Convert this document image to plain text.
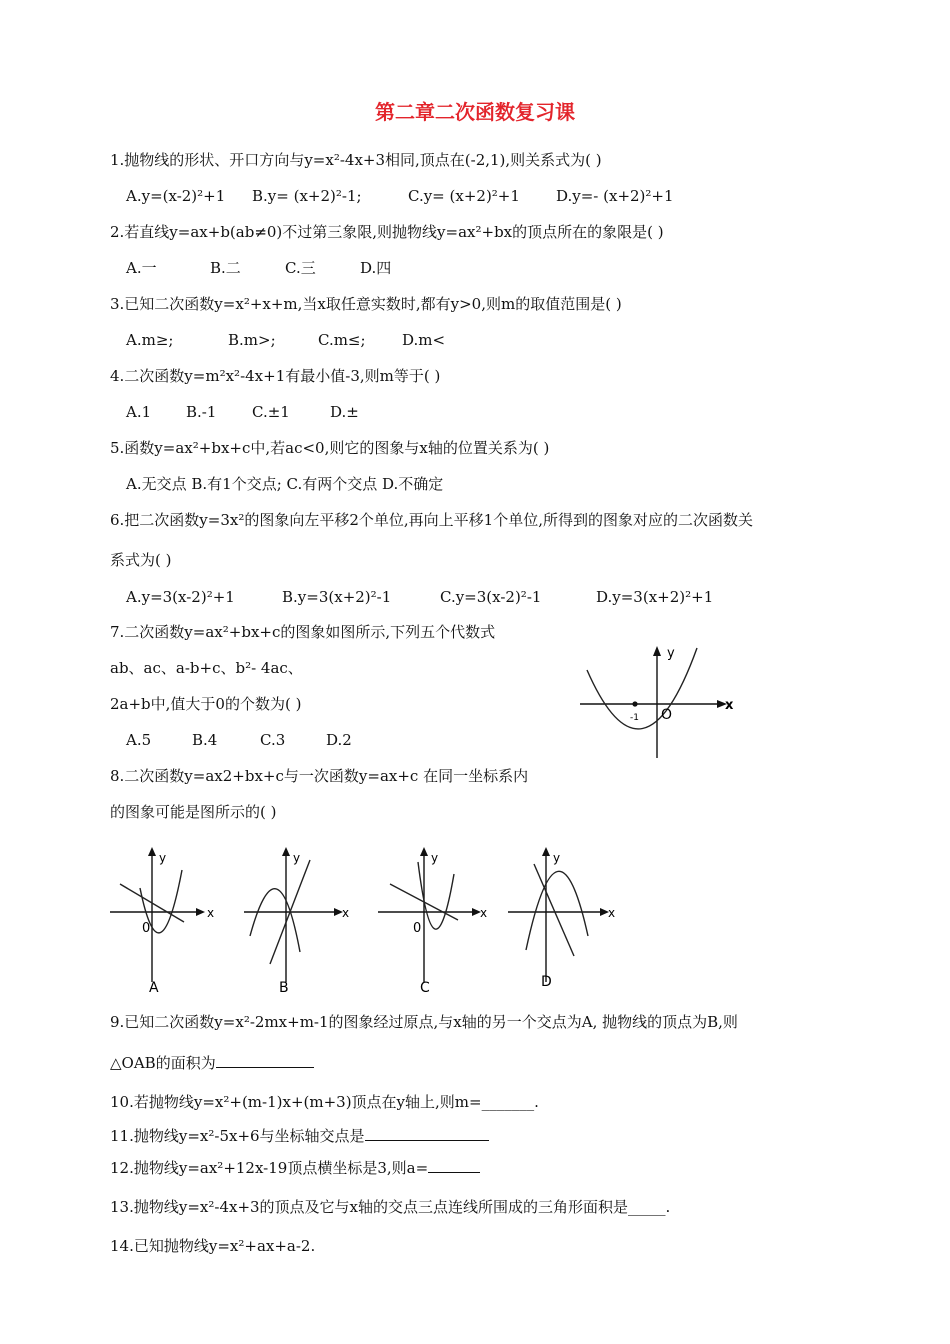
第二章二次函数复习课
1.抛物线的形状、开口方向与y=x²-4x+3相同,顶点在(-2,1),则关系式为( )
A.y=(x-2)²+1 B.y= (x+2)²-1;	C.y= (x+2)²+1 D.y=- (x+2)²+1
2.若直线y=ax+b(ab≠0)不过第三象限,则抛物线y=ax²+bx的顶点所在的象限是( )
A.一	B.二	C.三	D.四
3.已知二次函数y=x²+x+m,当x取任意实数时,都有y>0,则m的取值范围是( )
A.m≥;	B.m>;	C.m≤; D.m<
4.二次函数y=m²x²-4x+1有最小值-3,则m等于( )
A.1 B.-1 C.±1	D.±
5.函数y=ax²+bx+c中,若ac<0,则它的图象与x轴的位置关系为( )
A.无交点 B.有1个交点; C.有两个交点 D.不确定
6.把二次函数y=3x²的图象向左平移2个单位,再向上平移1个单位,所得到的图象对应的二次函数关
系式为( )
A.y=3(x-2)²+1	B.y=3(x+2)²-1	C.y=3(x-2)²-1	D.y=3(x+2)²+1
7.二次函数y=ax²+bx+c的图象如图所示,下列五个代数式
ab、ac、a-b+c、b²- 4ac、
2a+b中,值大于0的个数为( )
A.5	B.4	C.3	D.2
y
x
O
-1
8.二次函数y=ax2+bx+c与一次函数y=ax+c 在同一坐标系内
的图象可能是图所示的( )
y
x
0
A
y
x
B
y
x
0
C
y
x
D
9.已知二次函数y=x²-2mx+m-1的图象经过原点,与x轴的另一个交点为A, 抛物线的顶点为B,则
△OAB的面积为
10.若抛物线y=x²+(m-1)x+(m+3)顶点在y轴上,则m=_______.
11.抛物线y=x²-5x+6与坐标轴交点是
12.抛物线y=ax²+12x-19顶点横坐标是3,则a=
13.抛物线y=x²-4x+3的顶点及它与x轴的交点三点连线所围成的三角形面积是_____.
14.已知抛物线y=x²+ax+a-2.
